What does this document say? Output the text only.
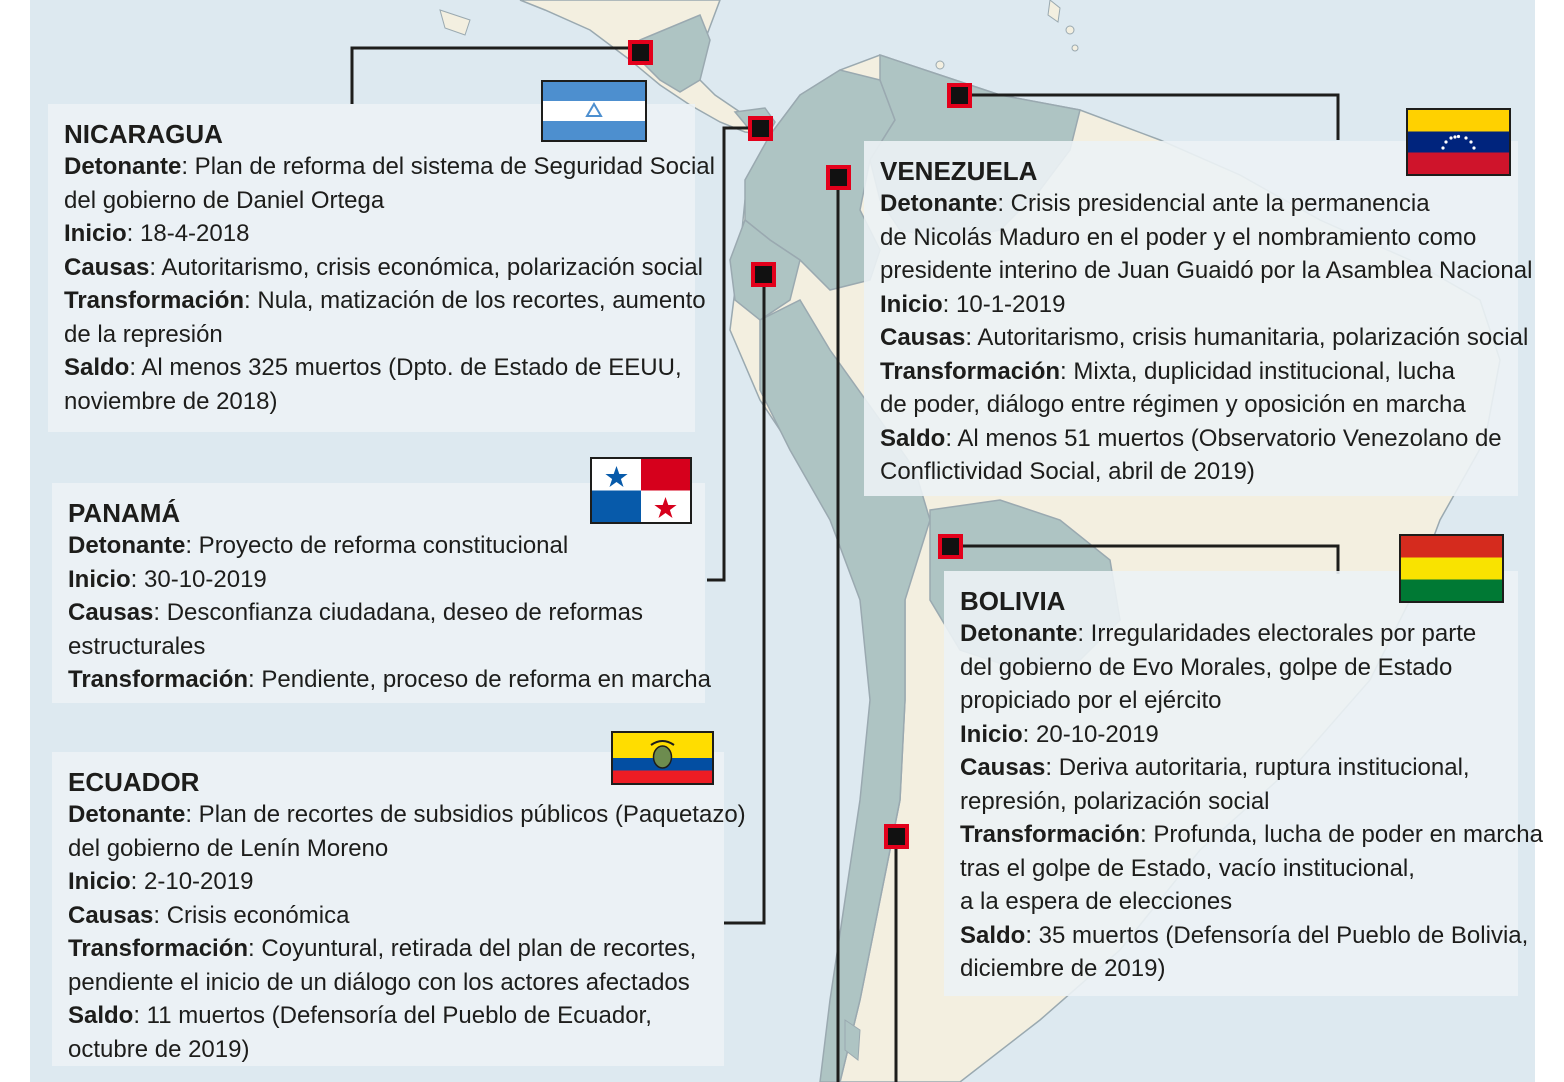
NICARAGUA
Detonante: Plan de reforma del sistema de Seguridad Social
del gobierno de Daniel Ortega
Inicio: 18-4-2018
Causas: Autoritarismo, crisis económica, polarización social
Transformación: Nula, matización de los recortes, aumento
de la represión
Saldo: Al menos 325 muertos (Dpto. de Estado de EEUU,
noviembre de 2018)
PANAMÁ
Detonante: Proyecto de reforma constitucional
Inicio: 30-10-2019
Causas: Desconfianza ciudadana, deseo de reformas
estructurales
Transformación: Pendiente, proceso de reforma en marcha
ECUADOR
Detonante: Plan de recortes de subsidios públicos (Paquetazo)
del gobierno de Lenín Moreno
Inicio: 2-10-2019
Causas: Crisis económica
Transformación: Coyuntural, retirada del plan de recortes,
pendiente el inicio de un diálogo con los actores afectados
Saldo: 11 muertos (Defensoría del Pueblo de Ecuador,
octubre de 2019)
VENEZUELA
Detonante: Crisis presidencial ante la permanencia
de Nicolás Maduro en el poder y el nombramiento como
presidente interino de Juan Guaidó por la Asamblea Nacional
Inicio: 10-1-2019
Causas: Autoritarismo, crisis humanitaria, polarización social
Transformación: Mixta, duplicidad institucional, lucha
de poder, diálogo entre régimen y oposición en marcha
Saldo: Al menos 51 muertos (Observatorio Venezolano de
Conflictividad Social, abril de 2019)
BOLIVIA
Detonante: Irregularidades electorales por parte
del gobierno de Evo Morales, golpe de Estado
propiciado por el ejército
Inicio: 20-10-2019
Causas: Deriva autoritaria, ruptura institucional,
represión, polarización social
Transformación: Profunda, lucha de poder en marcha
tras el golpe de Estado, vacío institucional,
a la espera de elecciones
Saldo: 35 muertos (Defensoría del Pueblo de Bolivia,
diciembre de 2019)
